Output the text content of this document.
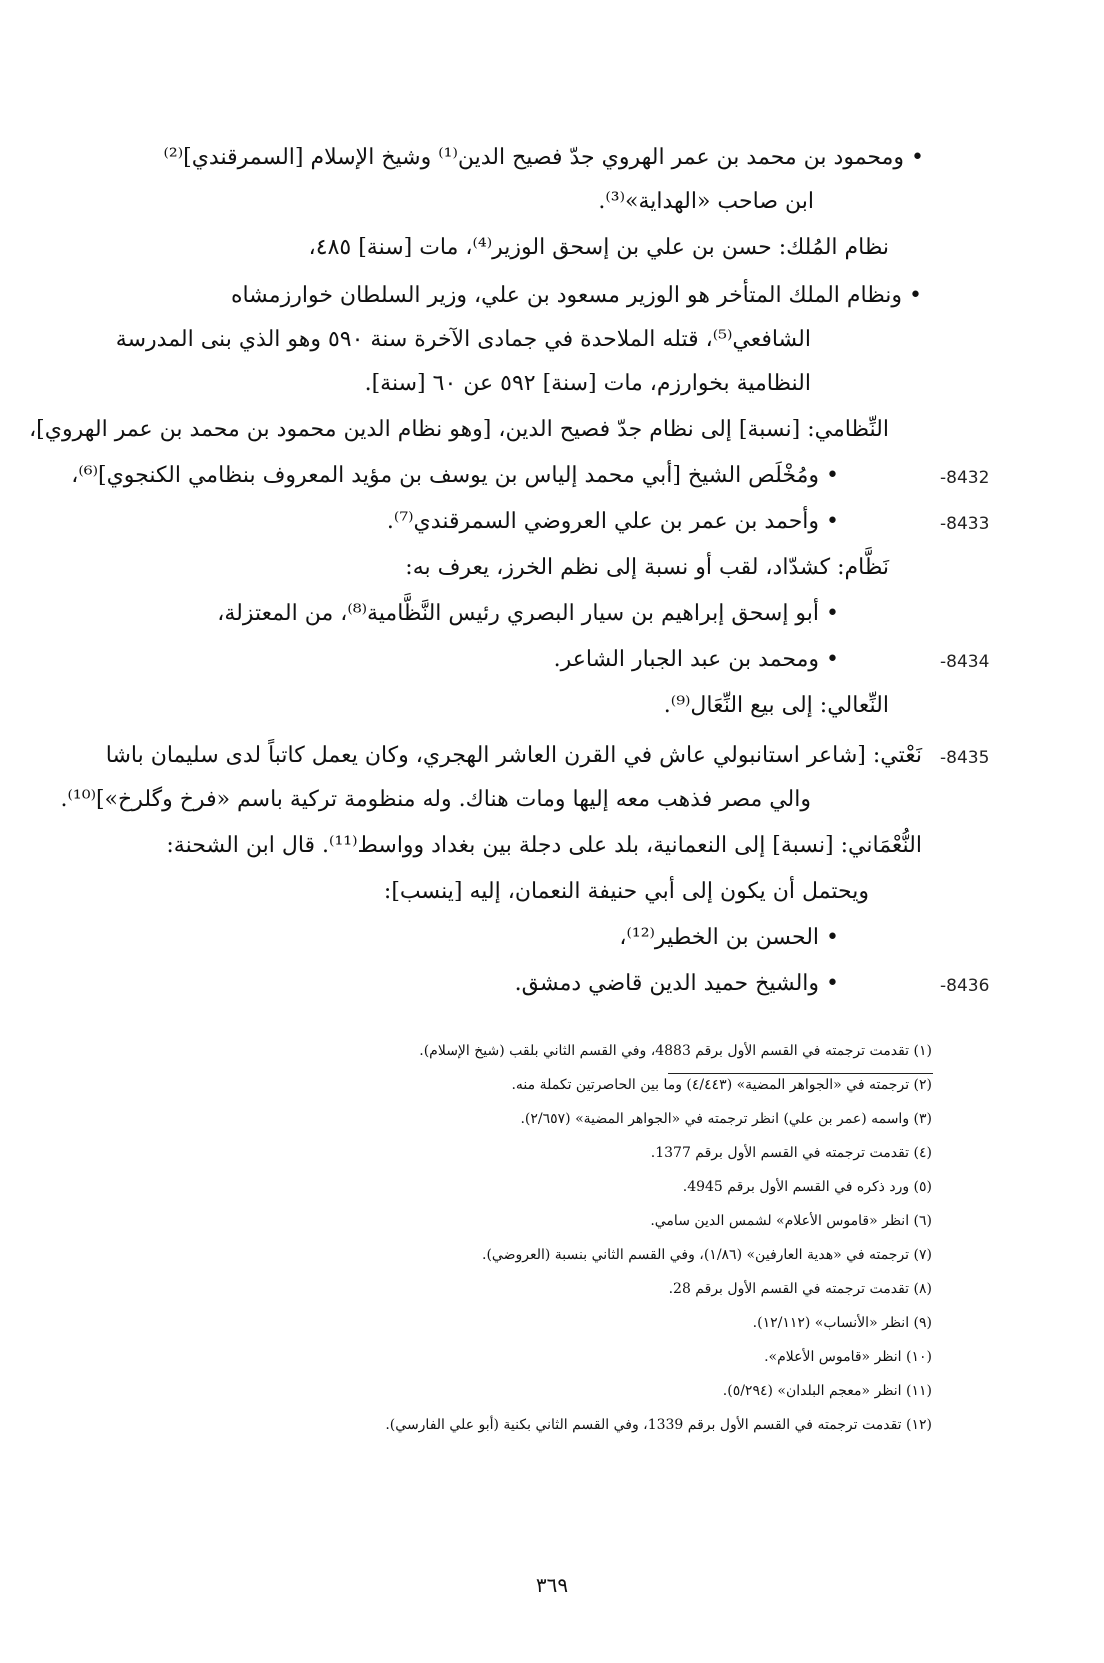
• ومحمود بن محمد بن عمر الهروي جدّ فصيح الدين⁽¹⁾ وشيخ الإسلام [السمرقندي]⁽²⁾
ابن صاحب «الهداية»⁽³⁾.
نظام المُلك: حسن بن علي بن إسحق الوزير⁽⁴⁾، مات [سنة] ٤٨٥،
• ونظام الملك المتأخر هو الوزير مسعود بن علي، وزير السلطان خوارزمشاه
الشافعي⁽⁵⁾، قتله الملاحدة في جمادى الآخرة سنة ٥٩٠ وهو الذي بنى المدرسة
النظامية بخوارزم، مات [سنة] ٥٩٢ عن ٦٠ [سنة].
النِّظامي: [نسبة] إلى نظام جدّ فصيح الدين، [وهو نظام الدين محمود بن محمد بن عمر الهروي]،
• ومُخْلَص الشيخ [أبي محمد إلياس بن يوسف بن مؤيد المعروف بنظامي الكنجوي]⁽⁶⁾،	-8432
• وأحمد بن عمر بن علي العروضي السمرقندي⁽⁷⁾.	-8433
نَظَّام: كشدّاد، لقب أو نسبة إلى نظم الخرز، يعرف به:
• أبو إسحق إبراهيم بن سيار البصري رئيس النَّظَّامية⁽⁸⁾، من المعتزلة،
• ومحمد بن عبد الجبار الشاعر.	-8434
النِّعالي: إلى بيع النِّعَال⁽⁹⁾.
نَعْتي: [شاعر استانبولي عاش في القرن العاشر الهجري، وكان يعمل كاتباً لدى سليمان باشا -8435
والي مصر فذهب معه إليها ومات هناك. وله منظومة تركية باسم «فرخ وگلرخ»]⁽¹⁰⁾.
النُّعْمَاني: [نسبة] إلى النعمانية، بلد على دجلة بين بغداد وواسط⁽¹¹⁾. قال ابن الشحنة:
ويحتمل أن يكون إلى أبي حنيفة النعمان، إليه [ينسب]:
• الحسن بن الخطير⁽¹²⁾،
• والشيخ حميد الدين قاضي دمشق.	-8436
(١) تقدمت ترجمته في القسم الأول برقم 4883، وفي القسم الثاني بلقب (شيخ الإسلام).
(٢) ترجمته في «الجواهر المضية» (٤/٤٤٣) وما بين الحاصرتين تكملة منه.
(٣) واسمه (عمر بن علي) انظر ترجمته في «الجواهر المضية» (٢/٦٥٧).
(٤) تقدمت ترجمته في القسم الأول برقم 1377.
(٥) ورد ذكره في القسم الأول برقم 4945.
(٦) انظر «قاموس الأعلام» لشمس الدين سامي.
(٧) ترجمته في «هدية العارفين» (١/٨٦)، وفي القسم الثاني بنسبة (العروضي).
(٨) تقدمت ترجمته في القسم الأول برقم 28.
(٩) انظر «الأنساب» (١٢/١١٢).
(١٠) انظر «قاموس الأعلام».
(١١) انظر «معجم البلدان» (٥/٢٩٤).
(١٢) تقدمت ترجمته في القسم الأول برقم 1339، وفي القسم الثاني بكنية (أبو علي الفارسي).
٣٦٩
